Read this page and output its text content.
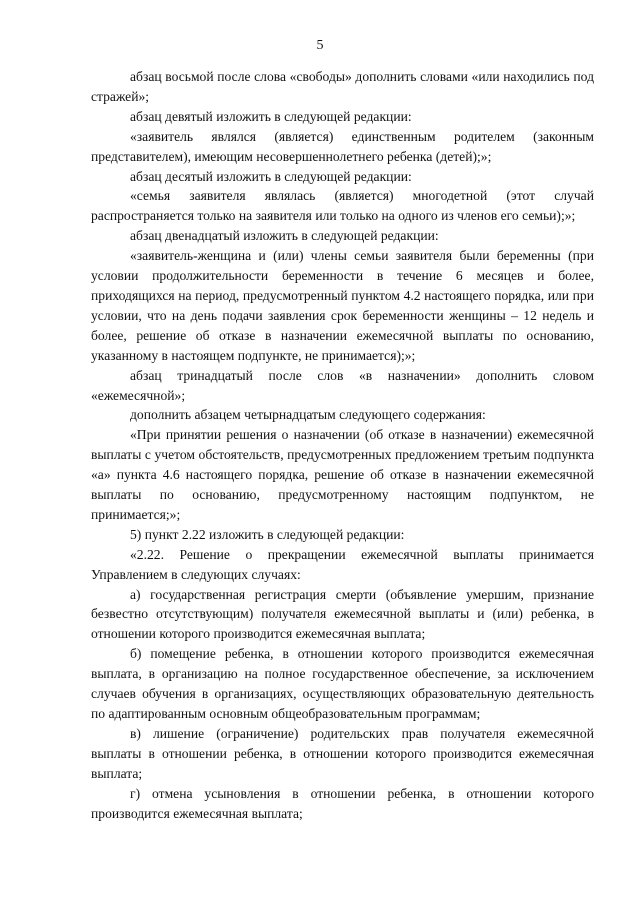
5

абзац восьмой после слова «свободы» дополнить словами «или находились под стражей»;

абзац девятый изложить в следующей редакции:

«заявитель являлся (является) единственным родителем (законным представителем), имеющим несовершеннолетнего ребенка (детей);»;

абзац десятый изложить в следующей редакции:

«семья заявителя являлась (является) многодетной (этот случай распространяется только на заявителя или только на одного из членов его семьи);»;

абзац двенадцатый изложить в следующей редакции:

«заявитель-женщина и (или) члены семьи заявителя были беременны (при условии продолжительности беременности в течение 6 месяцев и более, приходящихся на период, предусмотренный пунктом 4.2 настоящего порядка, или при условии, что на день подачи заявления срок беременности женщины – 12 недель и более, решение об отказе в назначении ежемесячной выплаты по основанию, указанному в настоящем подпункте, не принимается);»;

абзац тринадцатый после слов «в назначении» дополнить словом «ежемесячной»;

дополнить абзацем четырнадцатым следующего содержания:

«При принятии решения о назначении (об отказе в назначении) ежемесячной выплаты с учетом обстоятельств, предусмотренных предложением третьим подпункта «а» пункта 4.6 настоящего порядка, решение об отказе в назначении ежемесячной выплаты по основанию, предусмотренному настоящим подпунктом, не принимается;»;

5) пункт 2.22 изложить в следующей редакции:

«2.22. Решение о прекращении ежемесячной выплаты принимается Управлением в следующих случаях:

а) государственная регистрация смерти (объявление умершим, признание безвестно отсутствующим) получателя ежемесячной выплаты и (или) ребенка, в отношении которого производится ежемесячная выплата;

б) помещение ребенка, в отношении которого производится ежемесячная выплата, в организацию на полное государственное обеспечение, за исключением случаев обучения в организациях, осуществляющих образовательную деятельность по адаптированным основным общеобразовательным программам;

в) лишение (ограничение) родительских прав получателя ежемесячной выплаты в отношении ребенка, в отношении которого производится ежемесячная выплата;

г) отмена усыновления в отношении ребенка, в отношении которого производится ежемесячная выплата;
